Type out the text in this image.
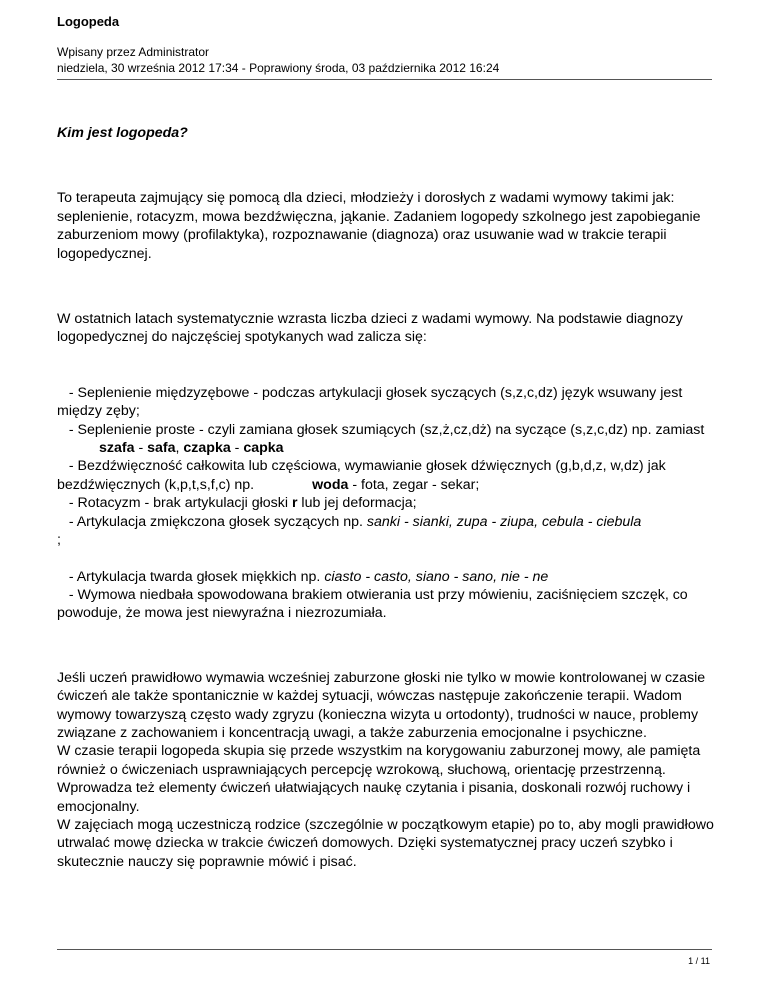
Logopeda
Wpisany przez Administrator
niedziela, 30 września 2012 17:34 - Poprawiony środa, 03 października 2012 16:24

Kim jest logopeda?

To terapeuta zajmujący się pomocą dla dzieci, młodzieży i dorosłych z wadami wymowy takimi jak: seplenienie, rotacyzm, mowa bezdźwięczna, jąkanie. Zadaniem logopedy szkolnego jest zapobieganie zaburzeniom mowy (profilaktyka), rozpoznawanie (diagnoza) oraz usuwanie wad w trakcie terapii logopedycznej.

W ostatnich latach systematycznie wzrasta liczba dzieci z wadami wymowy. Na podstawie diagnozy logopedycznej do najczęściej spotykanych wad zalicza się:

- Seplenienie międzyzębowe - podczas artykulacji głosek syczących (s,z,c,dz) język wsuwany jest między zęby;

- Seplenienie proste - czyli zamiana głosek szumiących (sz,ż,cz,dż) na syczące (s,z,c,dz) np. zamiastszafa - safa, czapka - capka

- Bezdźwięczność całkowita lub częściowa, wymawianie głosek dźwięcznych (g,b,d,z, w,dz) jak bezdźwięcznych (k,p,t,s,f,c) np.	woda - fota, zegar - sekar;

- Rotacyzm - brak artykulacji głoski r lub jej deformacja;

- Artykulacja zmiękczona głosek syczących np. sanki - sianki, zupa - ziupa, cebula - ciebula
;

- Artykulacja twarda głosek miękkich np. ciasto - casto, siano - sano, nie - ne

- Wymowa niedbała spowodowana brakiem otwierania ust przy mówieniu, zaciśnięciem szczęk, co powoduje, że mowa jest niewyraźna i niezrozumiała.

Jeśli uczeń prawidłowo wymawia wcześniej zaburzone głoski nie tylko w mowie kontrolowanej w czasie ćwiczeń ale także spontanicznie w każdej sytuacji, wówczas następuje zakończenie terapii. Wadom wymowy towarzyszą często wady zgryzu (konieczna wizyta u ortodonty), trudności w nauce, problemy związane z zachowaniem i koncentracją uwagi, a także zaburzenia emocjonalne i psychiczne.
W czasie terapii logopeda skupia się przede wszystkim na korygowaniu zaburzonej mowy, ale pamięta również o ćwiczeniach usprawniających percepcję wzrokową, słuchową, orientację przestrzenną. Wprowadza też elementy ćwiczeń ułatwiających naukę czytania i pisania, doskonali rozwój ruchowy i emocjonalny.
W zajęciach mogą uczestniczą rodzice (szczególnie w początkowym etapie) po to, aby mogli prawidłowo utrwalać mowę dziecka w trakcie ćwiczeń domowych. Dzięki systematycznej pracy uczeń szybko i skutecznie nauczy się poprawnie mówić i pisać.

1 / 11
